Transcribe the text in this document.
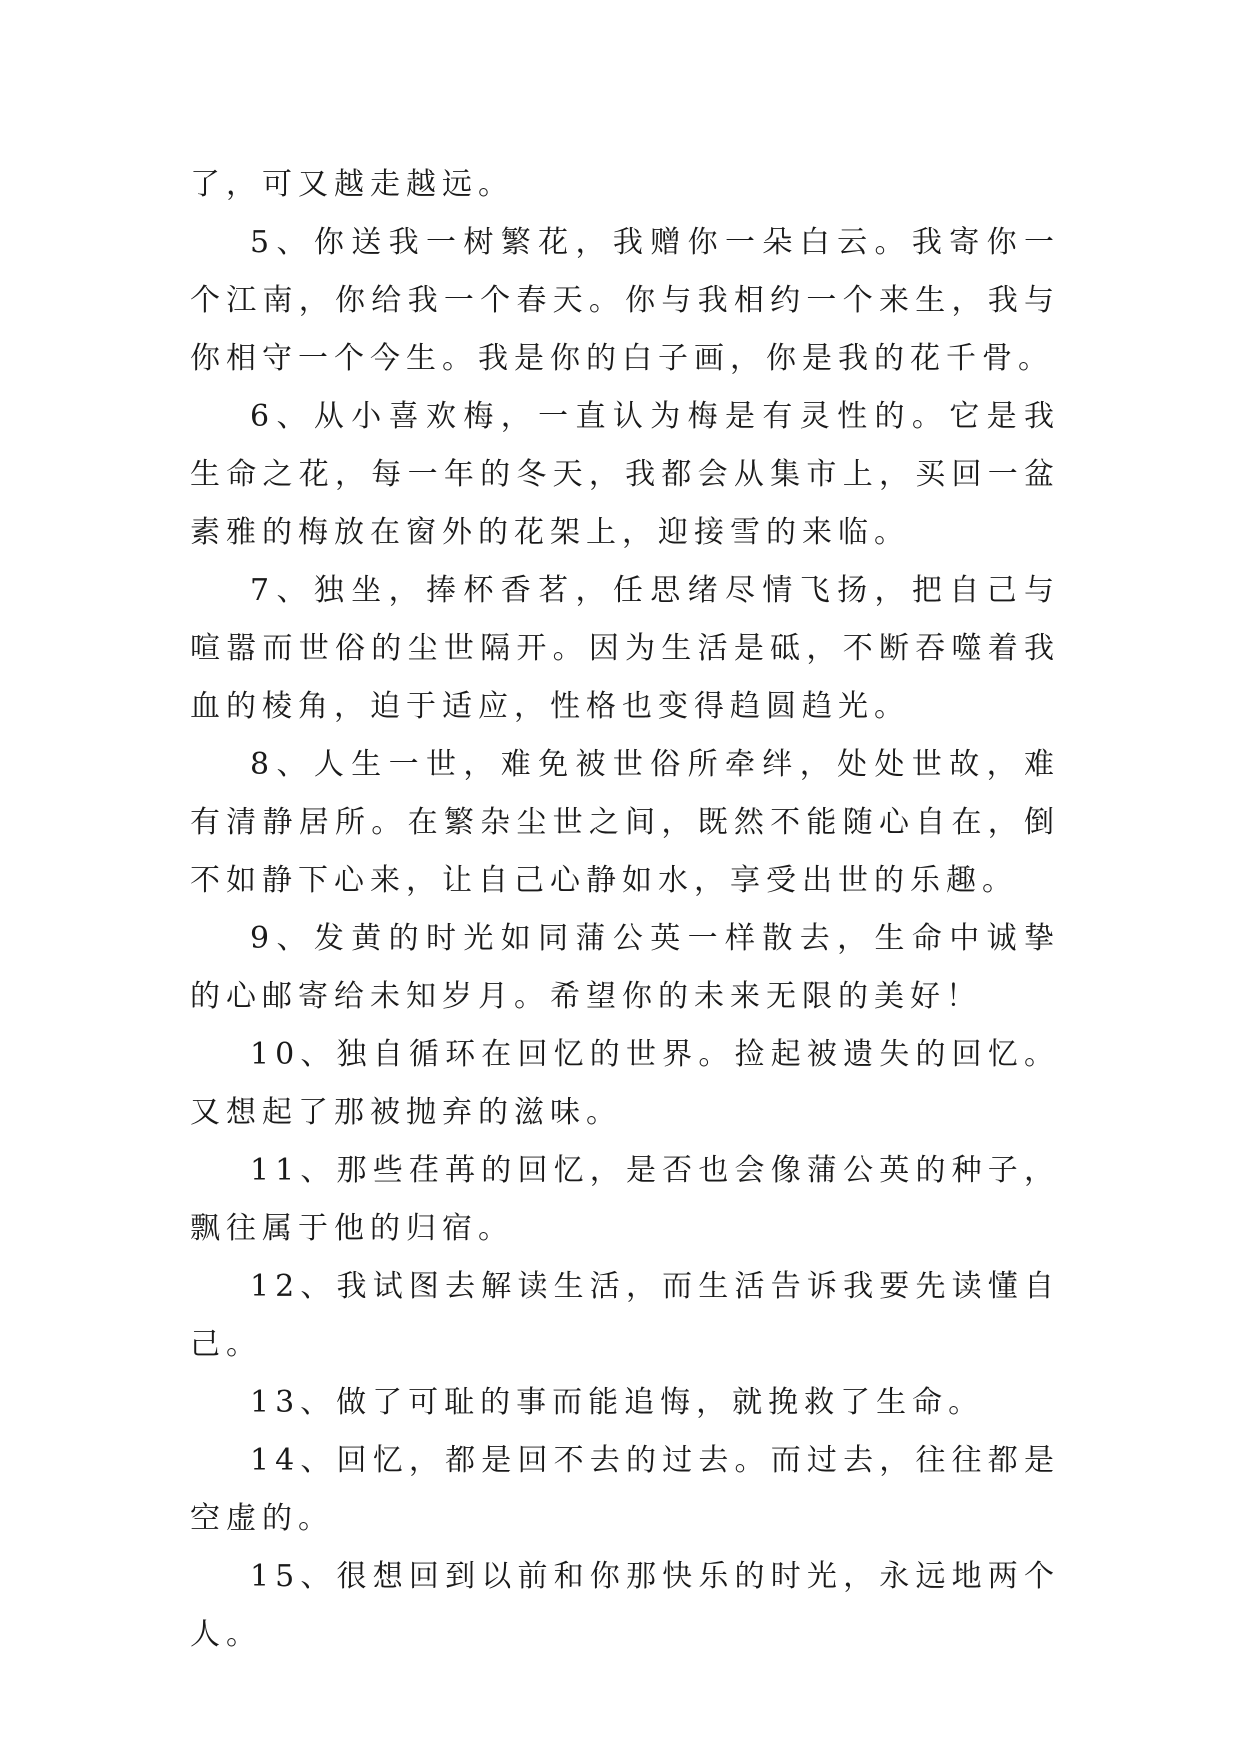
了，可又越走越远。

5、你送我一树繁花，我赠你一朵白云。我寄你一个江南，你给我一个春天。你与我相约一个来生，我与你相守一个今生。我是你的白子画，你是我的花千骨。

6、从小喜欢梅，一直认为梅是有灵性的。它是我生命之花，每一年的冬天，我都会从集市上，买回一盆素雅的梅放在窗外的花架上，迎接雪的来临。

7、独坐，捧杯香茗，任思绪尽情飞扬，把自己与喧嚣而世俗的尘世隔开。因为生活是砥，不断吞噬着我血的棱角，迫于适应，性格也变得趋圆趋光。

8、人生一世，难免被世俗所牵绊，处处世故，难有清静居所。在繁杂尘世之间，既然不能随心自在，倒不如静下心来，让自己心静如水，享受出世的乐趣。

9、发黄的时光如同蒲公英一样散去，生命中诚挚的心邮寄给未知岁月。希望你的未来无限的美好！

10、独自循环在回忆的世界。捡起被遗失的回忆。又想起了那被抛弃的滋味。

11、那些荏苒的回忆，是否也会像蒲公英的种子，飘往属于他的归宿。

12、我试图去解读生活，而生活告诉我要先读懂自己。

13、做了可耻的事而能追悔，就挽救了生命。

14、回忆，都是回不去的过去。而过去，往往都是空虚的。

15、很想回到以前和你那快乐的时光，永远地两个人。
